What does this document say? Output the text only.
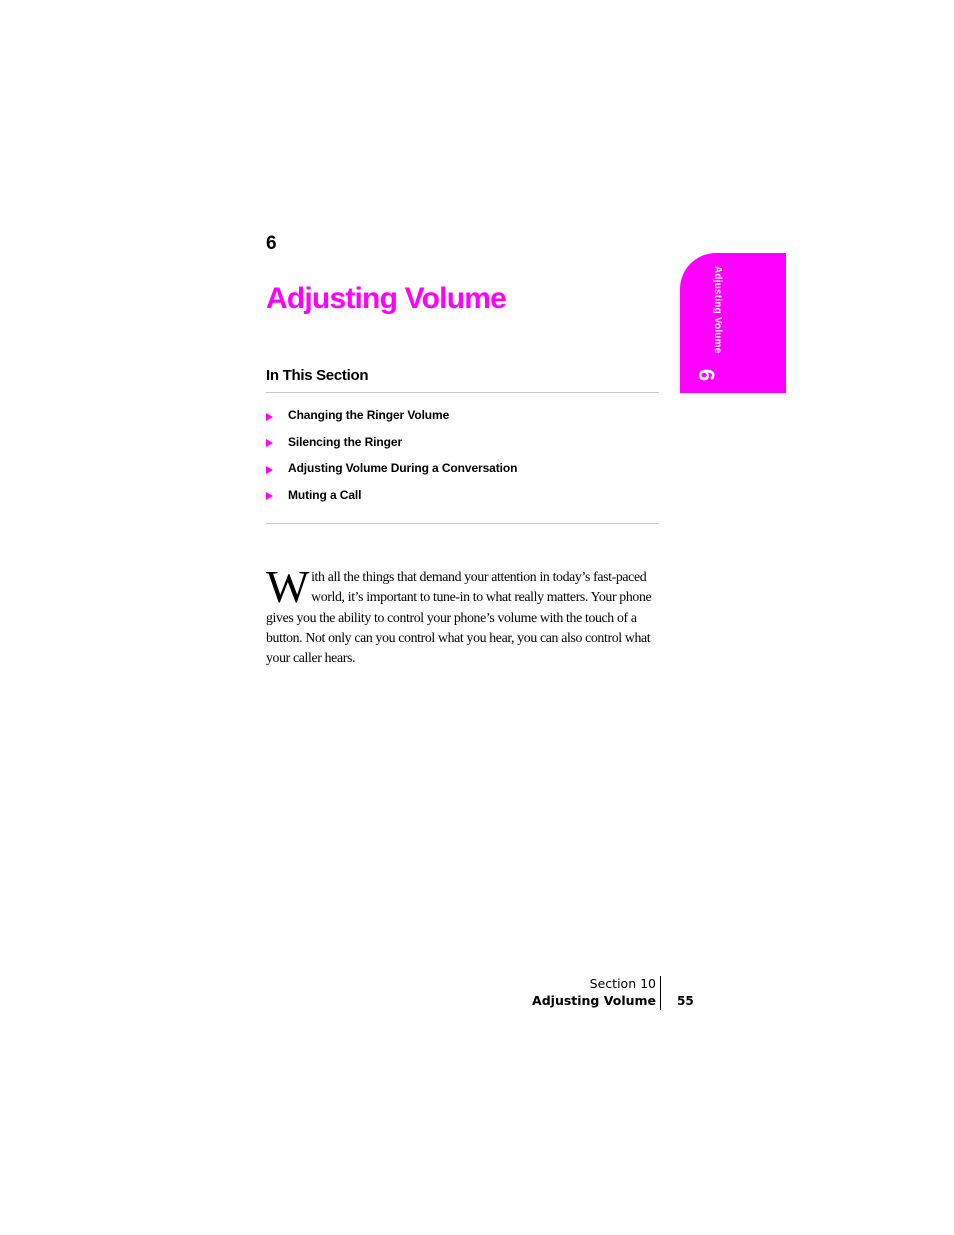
6
Adjusting Volume
In This Section
Changing the Ringer Volume
Silencing the Ringer
Adjusting Volume During a Conversation
Muting a Call

With all the things that demand your attention in today’s fast-paced world, it’s important to tune-in to what really matters. Your phone gives you the ability to control your phone’s volume with the touch of a button. Not only can you control what you hear, you can also control what your caller hears.

Adjusting Volume
6
Section 10
Adjusting Volume 55
